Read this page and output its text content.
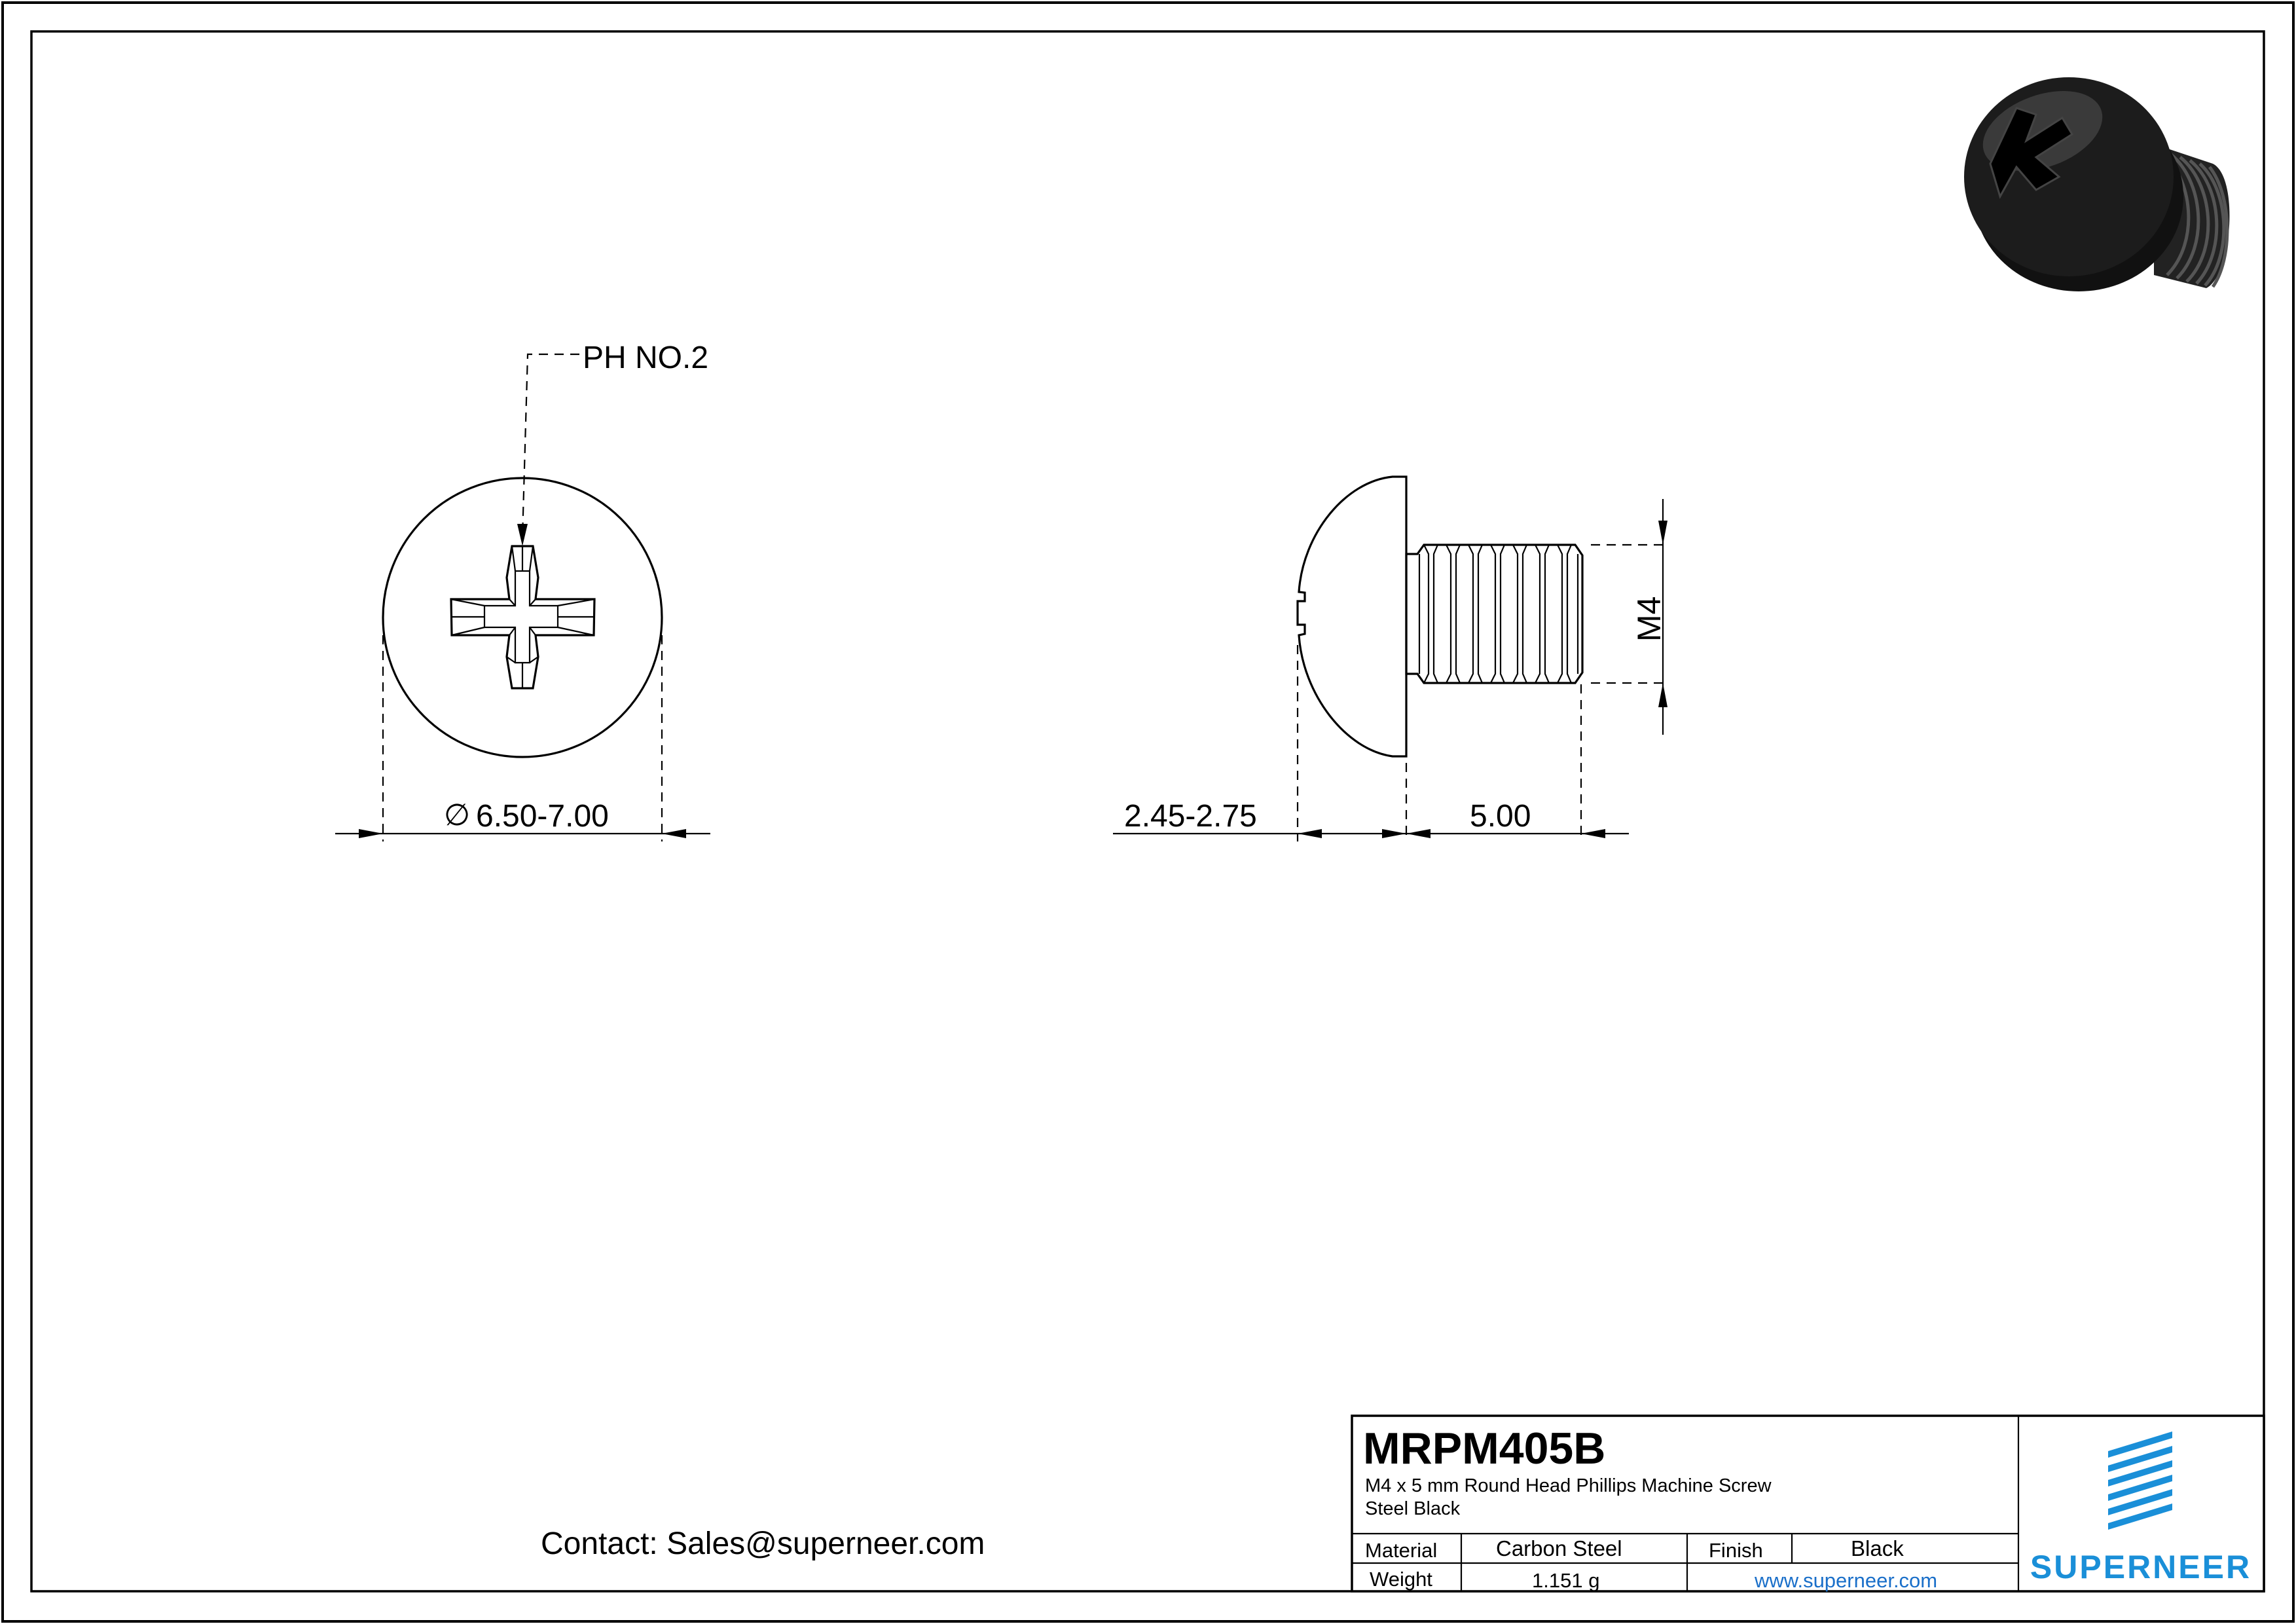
PH NO.2
∅ 6.50-7.00
M4
2.45-2.75	5.00
Contact: Sales@superneer.com
MRPM405B
M4 x 5 mm Round Head Phillips Machine Screw
Steel Black
Material	Carbon Steel	Finish	Black
Weight	1.151 g	www.superneer.com	SUPERNEER
